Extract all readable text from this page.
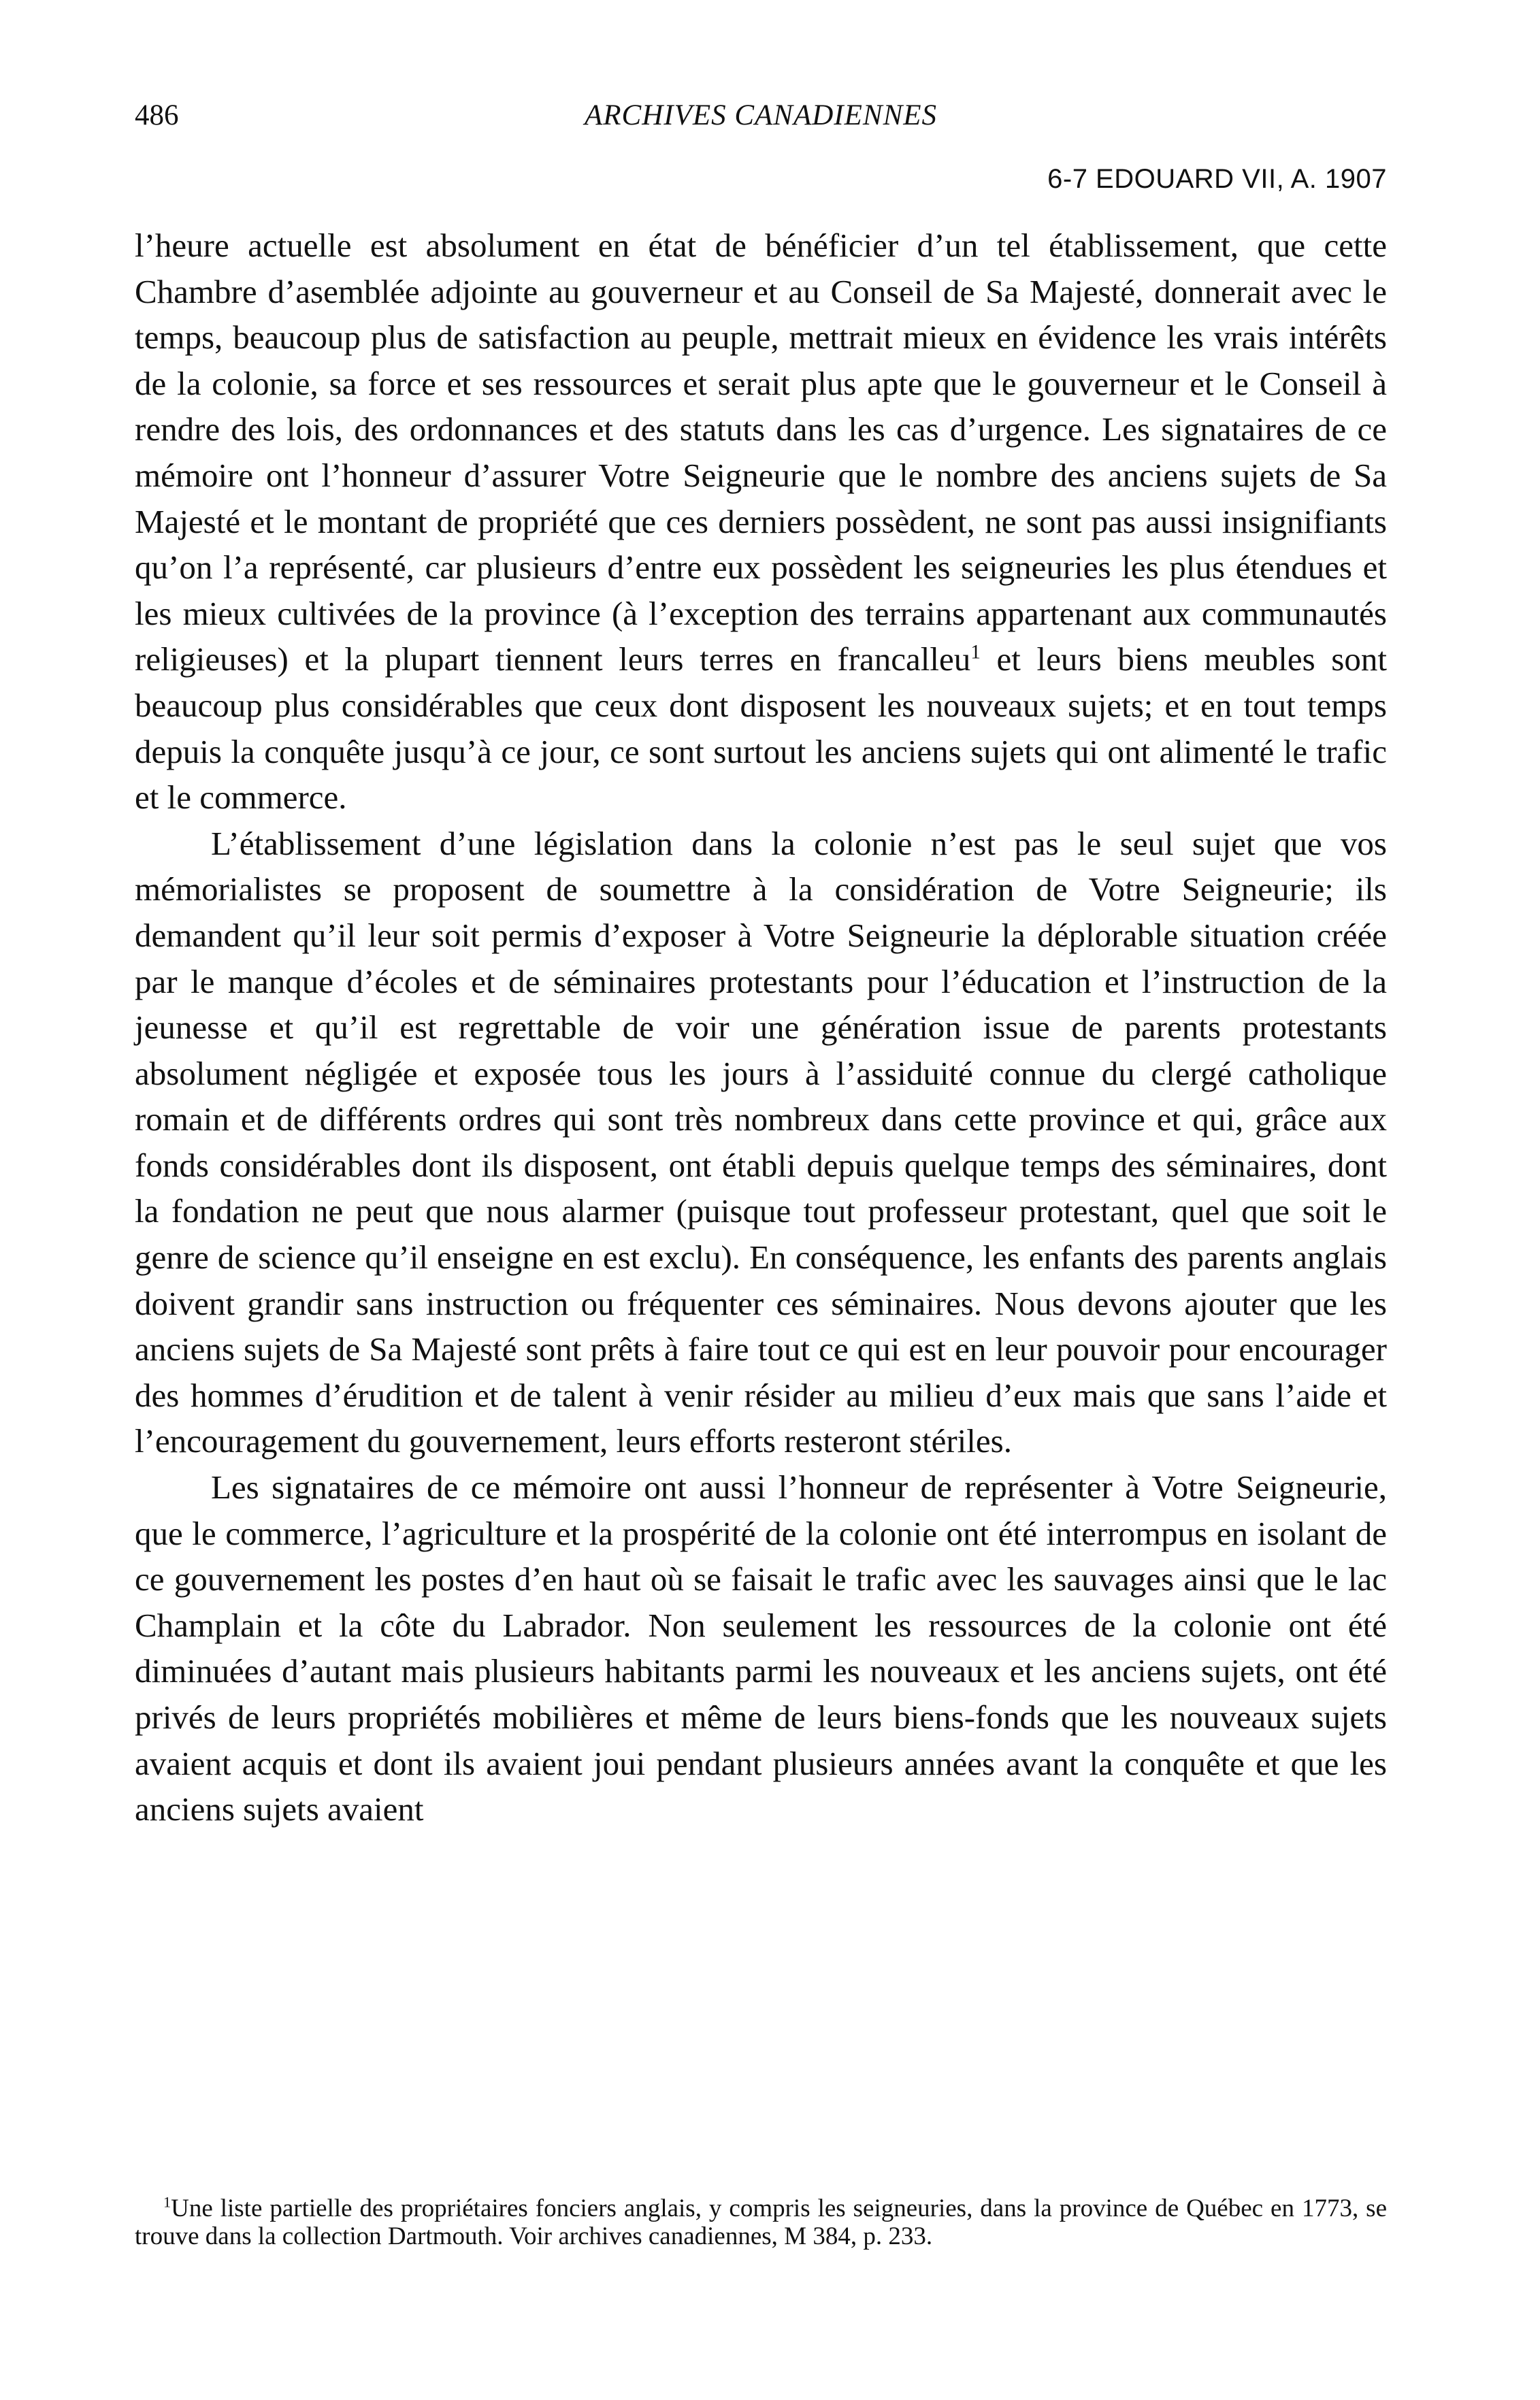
486	ARCHIVES CANADIENNES
6-7 EDOUARD VII, A. 1907

l’heure actuelle est absolument en état de bénéficier d’un tel établissement, que cette Chambre d’asemblée adjointe au gouverneur et au Conseil de Sa Majesté, donnerait avec le temps, beaucoup plus de satisfaction au peuple, mettrait mieux en évidence les vrais intérêts de la colonie, sa force et ses ressources et serait plus apte que le gouverneur et le Conseil à rendre des lois, des ordonnances et des statuts dans les cas d’urgence. Les signataires de ce mémoire ont l’honneur d’assurer Votre Seigneurie que le nombre des anciens sujets de Sa Majesté et le montant de propriété que ces derniers possèdent, ne sont pas aussi insignifiants qu’on l’a représenté, car plusieurs d’entre eux possèdent les seigneuries les plus étendues et les mieux cultivées de la province (à l’exception des terrains appartenant aux communautés religieuses) et la plupart tiennent leurs terres en francalleu$^1$ et leurs biens meubles sont beaucoup plus considérables que ceux dont disposent les nouveaux sujets; et en tout temps depuis la conquête jusqu’à ce jour, ce sont surtout les anciens sujets qui ont alimenté le trafic et le commerce.

L’établissement d’une législation dans la colonie n’est pas le seul sujet que vos mémorialistes se proposent de soumettre à la considération de Votre Seigneurie; ils demandent qu’il leur soit permis d’exposer à Votre Seigneurie la déplorable situation créée par le manque d’écoles et de séminaires protestants pour l’éducation et l’instruction de la jeunesse et qu’il est regrettable de voir une génération issue de parents protestants absolument négligée et exposée tous les jours à l’assiduité connue du clergé catholique romain et de différents ordres qui sont très nombreux dans cette province et qui, grâce aux fonds considérables dont ils disposent, ont établi depuis quelque temps des séminaires, dont la fondation ne peut que nous alarmer (puisque tout professeur protestant, quel que soit le genre de science qu’il enseigne en est exclu). En conséquence, les enfants des parents anglais doivent grandir sans instruction ou fréquenter ces séminaires. Nous devons ajouter que les anciens sujets de Sa Majesté sont prêts à faire tout ce qui est en leur pouvoir pour encourager des hommes d’érudition et de talent à venir résider au milieu d’eux mais que sans l’aide et l’encouragement du gouvernement, leurs efforts resteront stériles.

Les signataires de ce mémoire ont aussi l’honneur de représenter à Votre Seigneurie, que le commerce, l’agriculture et la prospérité de la colonie ont été interrompus en isolant de ce gouvernement les postes d’en haut où se faisait le trafic avec les sauvages ainsi que le lac Champlain et la côte du Labrador. Non seulement les ressources de la colonie ont été diminuées d’autant mais plusieurs habitants parmi les nouveaux et les anciens sujets, ont été privés de leurs propriétés mobilières et même de leurs biens-fonds que les nouveaux sujets avaient acquis et dont ils avaient joui pendant plusieurs années avant la conquête et que les anciens sujets avaient

$^1$Une liste partielle des propriétaires fonciers anglais, y compris les seigneuries, dans la province de Québec en 1773, se trouve dans la collection Dartmouth. Voir archives canadiennes, M 384, p. 233.
